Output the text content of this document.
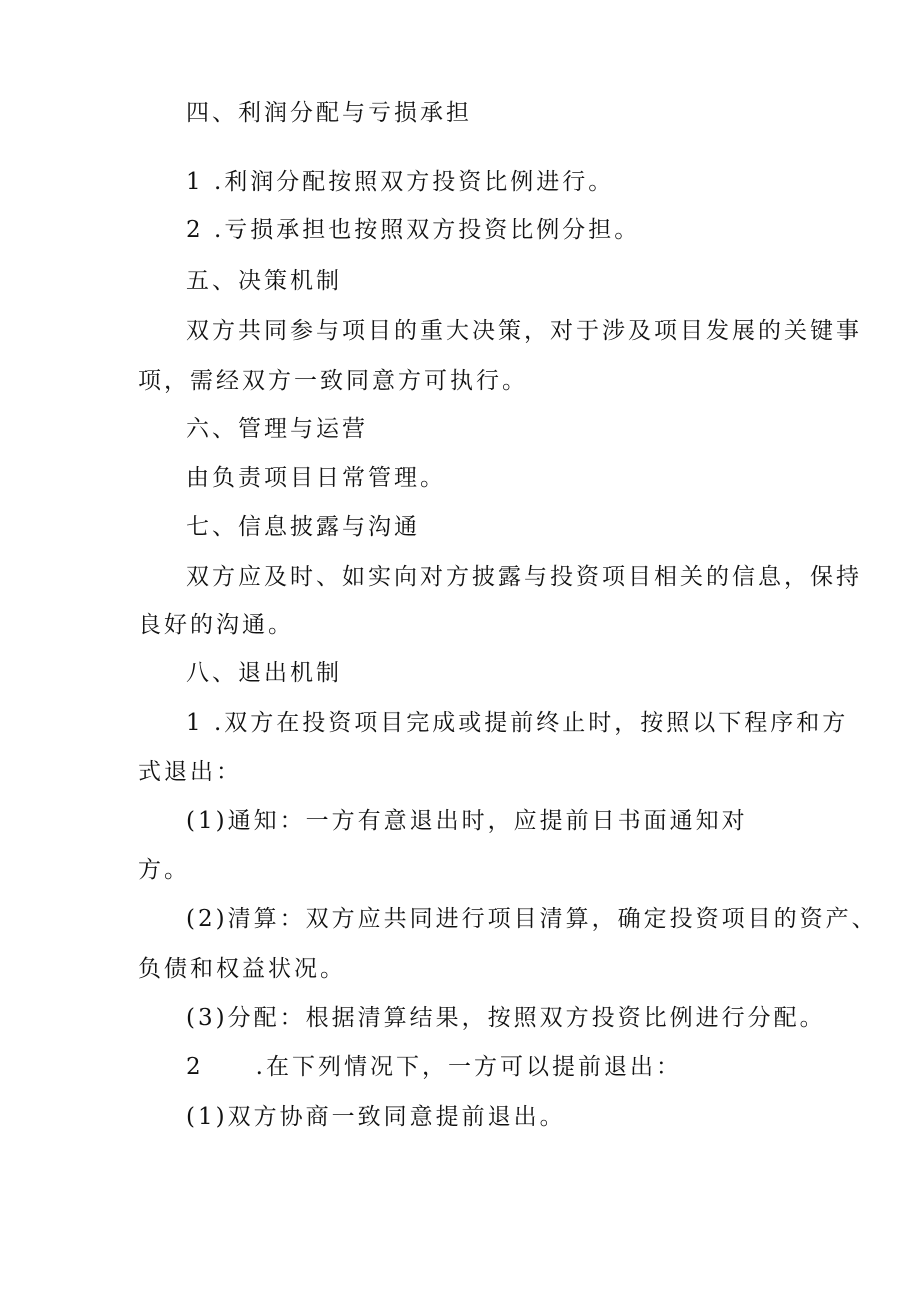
四、利润分配与亏损承担
1 .利润分配按照双方投资比例进行。
2 .亏损承担也按照双方投资比例分担。
五、决策机制
双方共同参与项目的重大决策，对于涉及项目发展的关键事
项，需经双方一致同意方可执行。
六、管理与运营
由负责项目日常管理。
七、信息披露与沟通
双方应及时、如实向对方披露与投资项目相关的信息，保持
良好的沟通。
八、退出机制
1 .双方在投资项目完成或提前终止时，按照以下程序和方
式退出：
(1)通知：一方有意退出时，应提前日书面通知对
方。
(2)清算：双方应共同进行项目清算，确定投资项目的资产、
负债和权益状况。
(3)分配：根据清算结果，按照双方投资比例进行分配。
2　　.在下列情况下，一方可以提前退出：
(1)双方协商一致同意提前退出。
